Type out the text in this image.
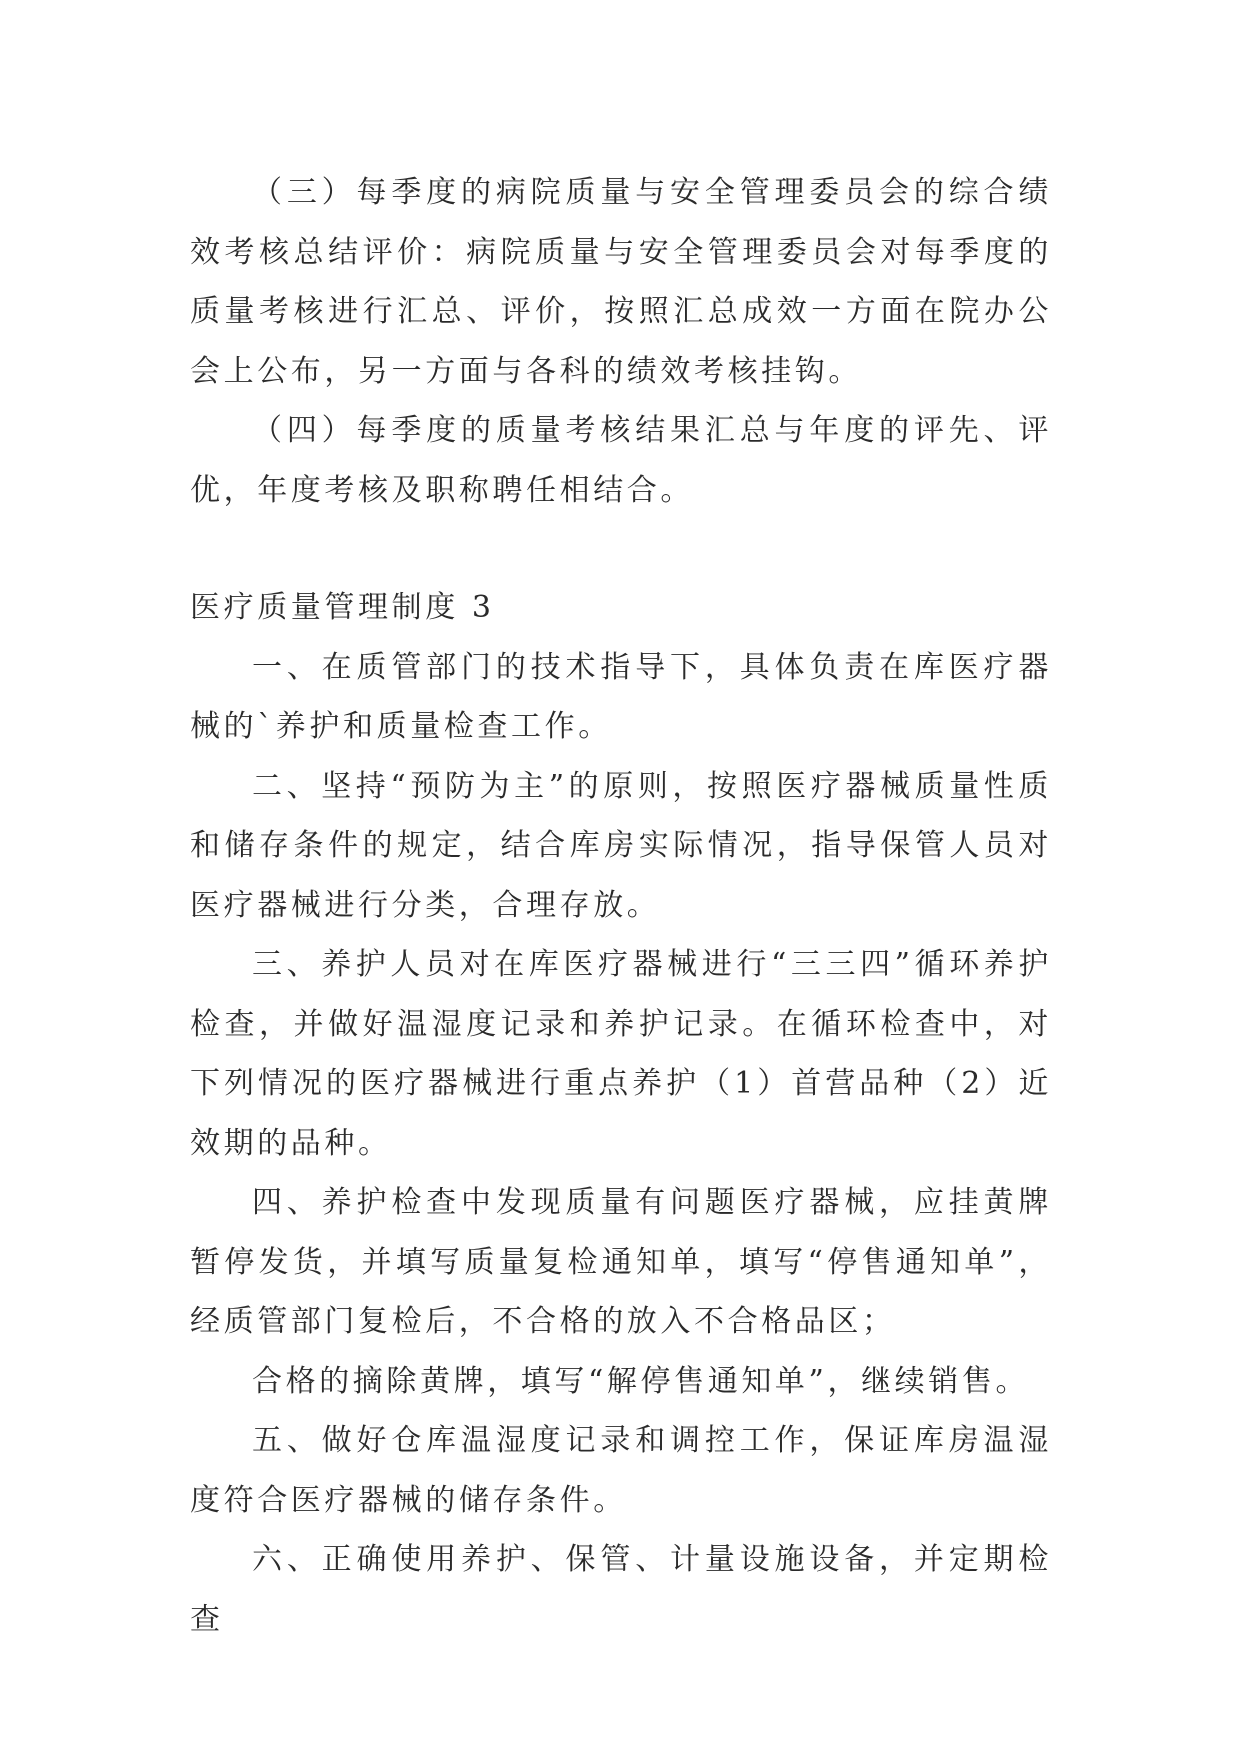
（三）每季度的病院质量与安全管理委员会的综合绩效考核总结评价：病院质量与安全管理委员会对每季度的质量考核进行汇总、评价，按照汇总成效一方面在院办公会上公布，另一方面与各科的绩效考核挂钩。

（四）每季度的质量考核结果汇总与年度的评先、评优，年度考核及职称聘任相结合。

医疗质量管理制度 3

一、在质管部门的技术指导下，具体负责在库医疗器械的`养护和质量检查工作。

二、坚持“预防为主”的原则，按照医疗器械质量性质和储存条件的规定，结合库房实际情况，指导保管人员对医疗器械进行分类，合理存放。

三、养护人员对在库医疗器械进行“三三四”循环养护检查，并做好温湿度记录和养护记录。在循环检查中，对下列情况的医疗器械进行重点养护（1）首营品种（2）近效期的品种。

四、养护检查中发现质量有问题医疗器械，应挂黄牌暂停发货，并填写质量复检通知单，填写“停售通知单”，经质管部门复检后，不合格的放入不合格品区；

合格的摘除黄牌，填写“解停售通知单”，继续销售。

五、做好仓库温湿度记录和调控工作，保证库房温湿度符合医疗器械的储存条件。

六、正确使用养护、保管、计量设施设备，并定期检查
